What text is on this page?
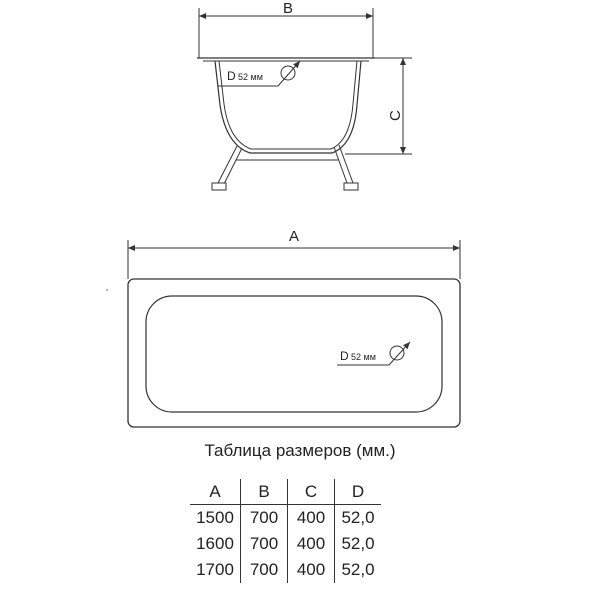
B
C
D 52 мм
A
D 52 мм
Таблица размеров (мм.)
A	B	C	D
1500	700	400	52,0
1600	700	400	52,0
1700	700	400	52,0
